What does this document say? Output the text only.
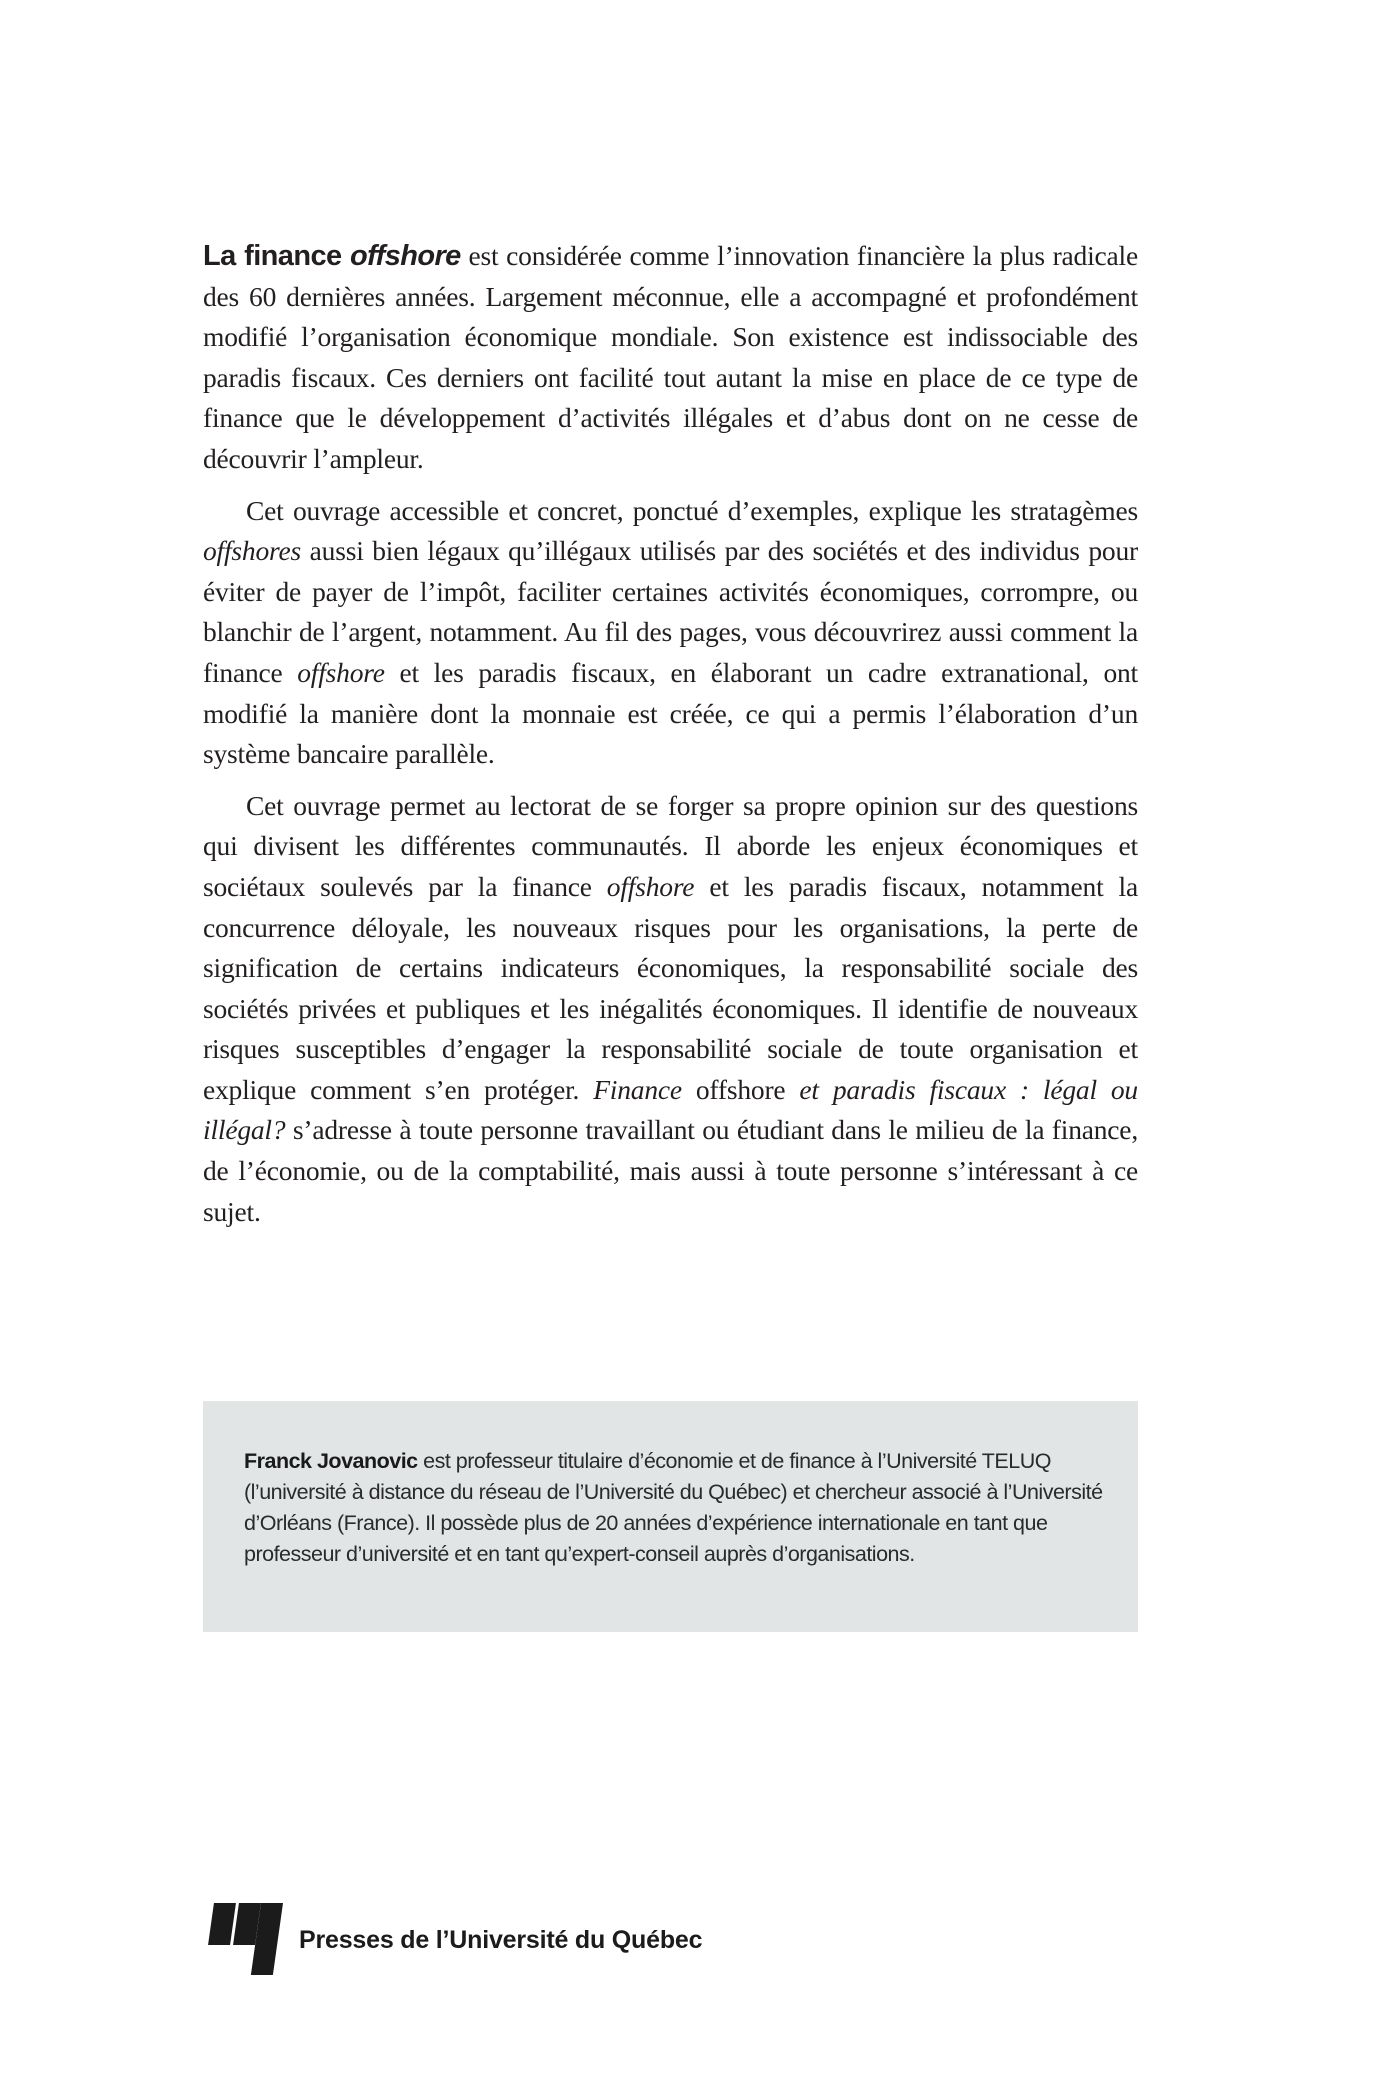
La finance offshore est considérée comme l’innovation financière la plus radicale des 60 dernières années. Largement méconnue, elle a accompagné et profondément modifié l’organisation économique mondiale. Son existence est indissociable des paradis fiscaux. Ces derniers ont facilité tout autant la mise en place de ce type de finance que le développement d’activités illégales et d’abus dont on ne cesse de découvrir l’ampleur.

Cet ouvrage accessible et concret, ponctué d’exemples, explique les stratagèmes offshores aussi bien légaux qu’illégaux utilisés par des sociétés et des individus pour éviter de payer de l’impôt, faciliter certaines activités économiques, corrompre, ou blanchir de l’argent, notamment. Au fil des pages, vous découvrirez aussi comment la finance offshore et les paradis fiscaux, en élaborant un cadre extranational, ont modifié la manière dont la monnaie est créée, ce qui a permis l’élaboration d’un système bancaire parallèle.

Cet ouvrage permet au lectorat de se forger sa propre opinion sur des questions qui divisent les différentes communautés. Il aborde les enjeux économiques et sociétaux soulevés par la finance offshore et les paradis fiscaux, notamment la concurrence déloyale, les nouveaux risques pour les organisations, la perte de signification de certains indicateurs économiques, la responsabilité sociale des sociétés privées et publiques et les inégalités économiques. Il identifie de nouveaux risques susceptibles d’engager la responsabilité sociale de toute organisation et explique comment s’en protéger. Finance offshore et paradis fiscaux : légal ou illégal? s’adresse à toute personne travaillant ou étudiant dans le milieu de la finance, de l’économie, ou de la comptabilité, mais aussi à toute personne s’intéressant à ce sujet.

Franck Jovanovic est professeur titulaire d’économie et de finance à l’Université TELUQ (l’université à distance du réseau de l’Université du Québec) et chercheur associé à l’Université d’Orléans (France). Il possède plus de 20 années d’expérience internationale en tant que professeur d’université et en tant qu’expert-conseil auprès d’organisations.
Presses de l’Université du Québec
